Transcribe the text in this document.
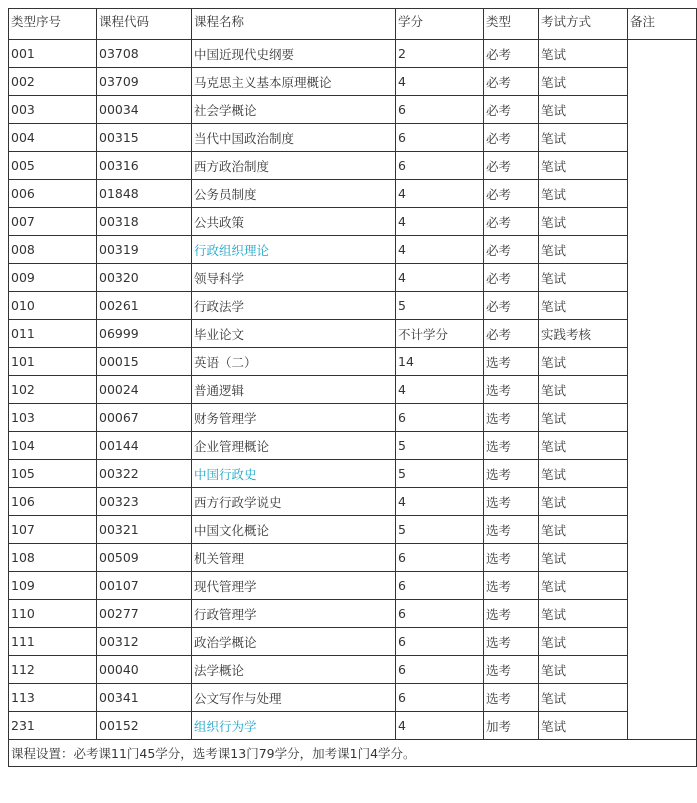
类型序号	课程代码	课程名称	学分	类型	考试方式	备注
001	03708	中国近现代史纲要	2	必考	笔试	
002	03709	马克思主义基本原理概论	4	必考	笔试	
003	00034	社会学概论	6	必考	笔试	
004	00315	当代中国政治制度	6	必考	笔试	
005	00316	西方政治制度	6	必考	笔试	
006	01848	公务员制度	4	必考	笔试	
007	00318	公共政策	4	必考	笔试	
008	00319	行政组织理论	4	必考	笔试	
009	00320	领导科学	4	必考	笔试	
010	00261	行政法学	5	必考	笔试	
011	06999	毕业论文	不计学分	必考	实践考核	
101	00015	英语（二）	14	选考	笔试	
102	00024	普通逻辑	4	选考	笔试	
103	00067	财务管理学	6	选考	笔试	
104	00144	企业管理概论	5	选考	笔试	
105	00322	中国行政史	5	选考	笔试	
106	00323	西方行政学说史	4	选考	笔试	
107	00321	中国文化概论	5	选考	笔试	
108	00509	机关管理	6	选考	笔试	
109	00107	现代管理学	6	选考	笔试	
110	00277	行政管理学	6	选考	笔试	
111	00312	政治学概论	6	选考	笔试	
112	00040	法学概论	6	选考	笔试	
113	00341	公文写作与处理	6	选考	笔试	
231	00152	组织行为学	4	加考	笔试	
课程设置：必考课11门45学分，选考课13门79学分，加考课1门4学分。						
